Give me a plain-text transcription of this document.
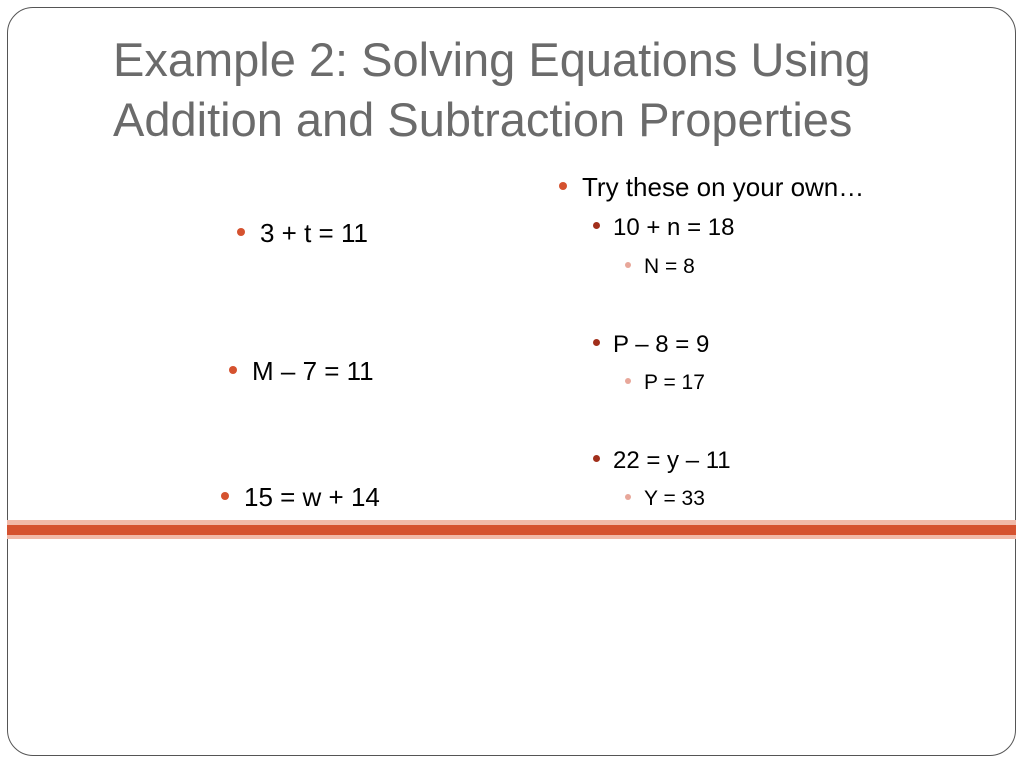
Example 2: Solving Equations Using
Addition and Subtraction Properties
3 + t = 11
M – 7 = 11
15 = w + 14
Try these on your own…
10 + n = 18
N = 8
P – 8 = 9
P = 17
22 = y – 11
Y = 33
